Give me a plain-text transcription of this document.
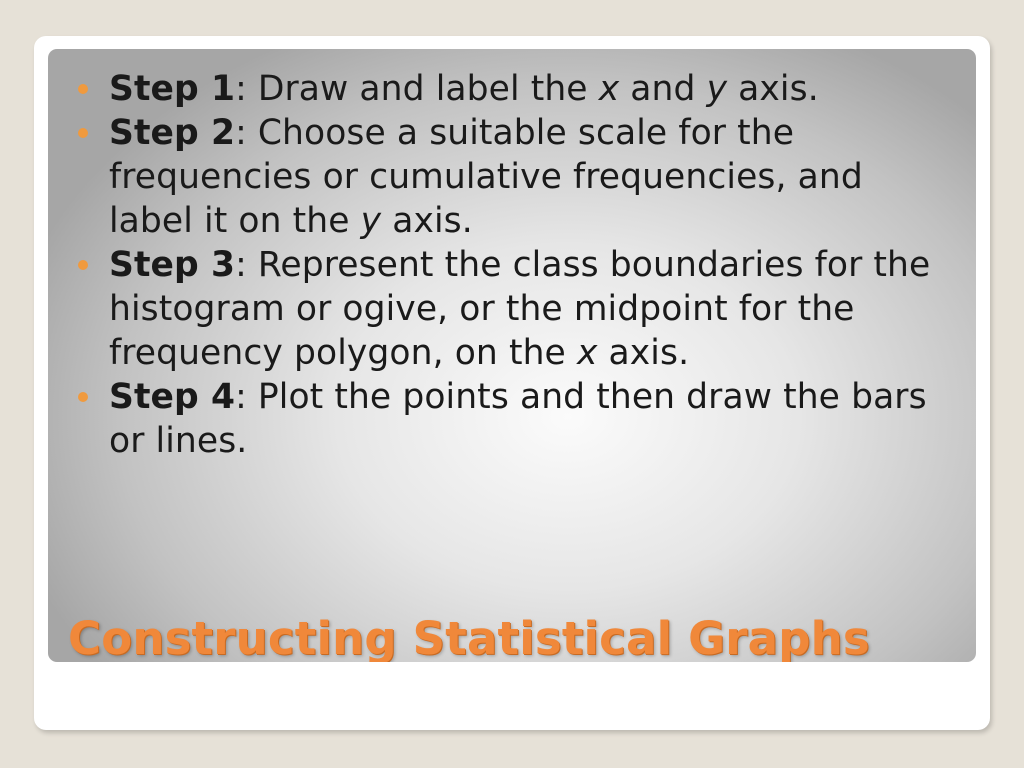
Step 1: Draw and label the x and y axis.
Step 2: Choose a suitable scale for the frequencies or cumulative frequencies, and label it on the y axis.
Step 3: Represent the class boundaries for the histogram or ogive, or the midpoint for the frequency polygon, on the x axis.
Step 4: Plot the points and then draw the bars or lines.
Constructing Statistical Graphs
